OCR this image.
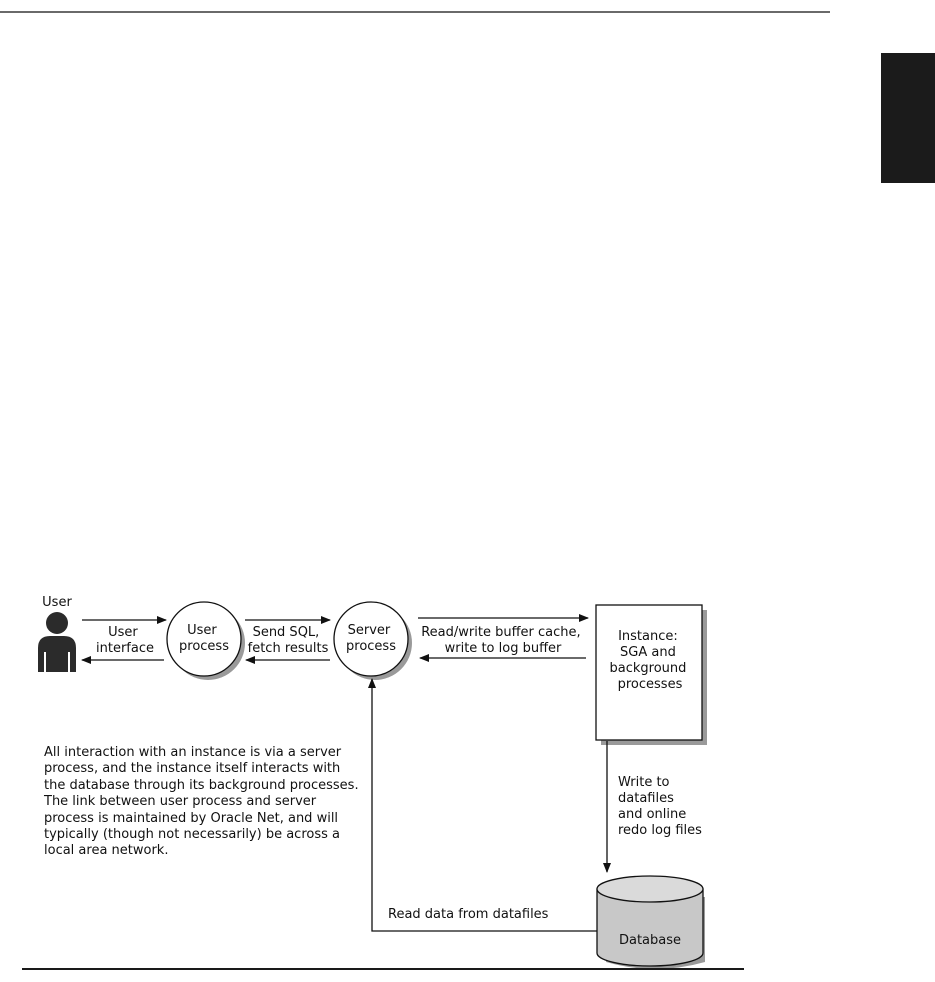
User
User interface
User process
Send SQL, fetch results
Server process
Read/write buffer cache, write to log buffer
Instance: SGA and background processes
Write to datafiles and online redo log files
Database
Read data from datafiles
All interaction with an instance is via a server
process, and the instance itself interacts with
the database through its background processes.
The link between user process and server
process is maintained by Oracle Net, and will
typically (though not necessarily) be across a
local area network.
